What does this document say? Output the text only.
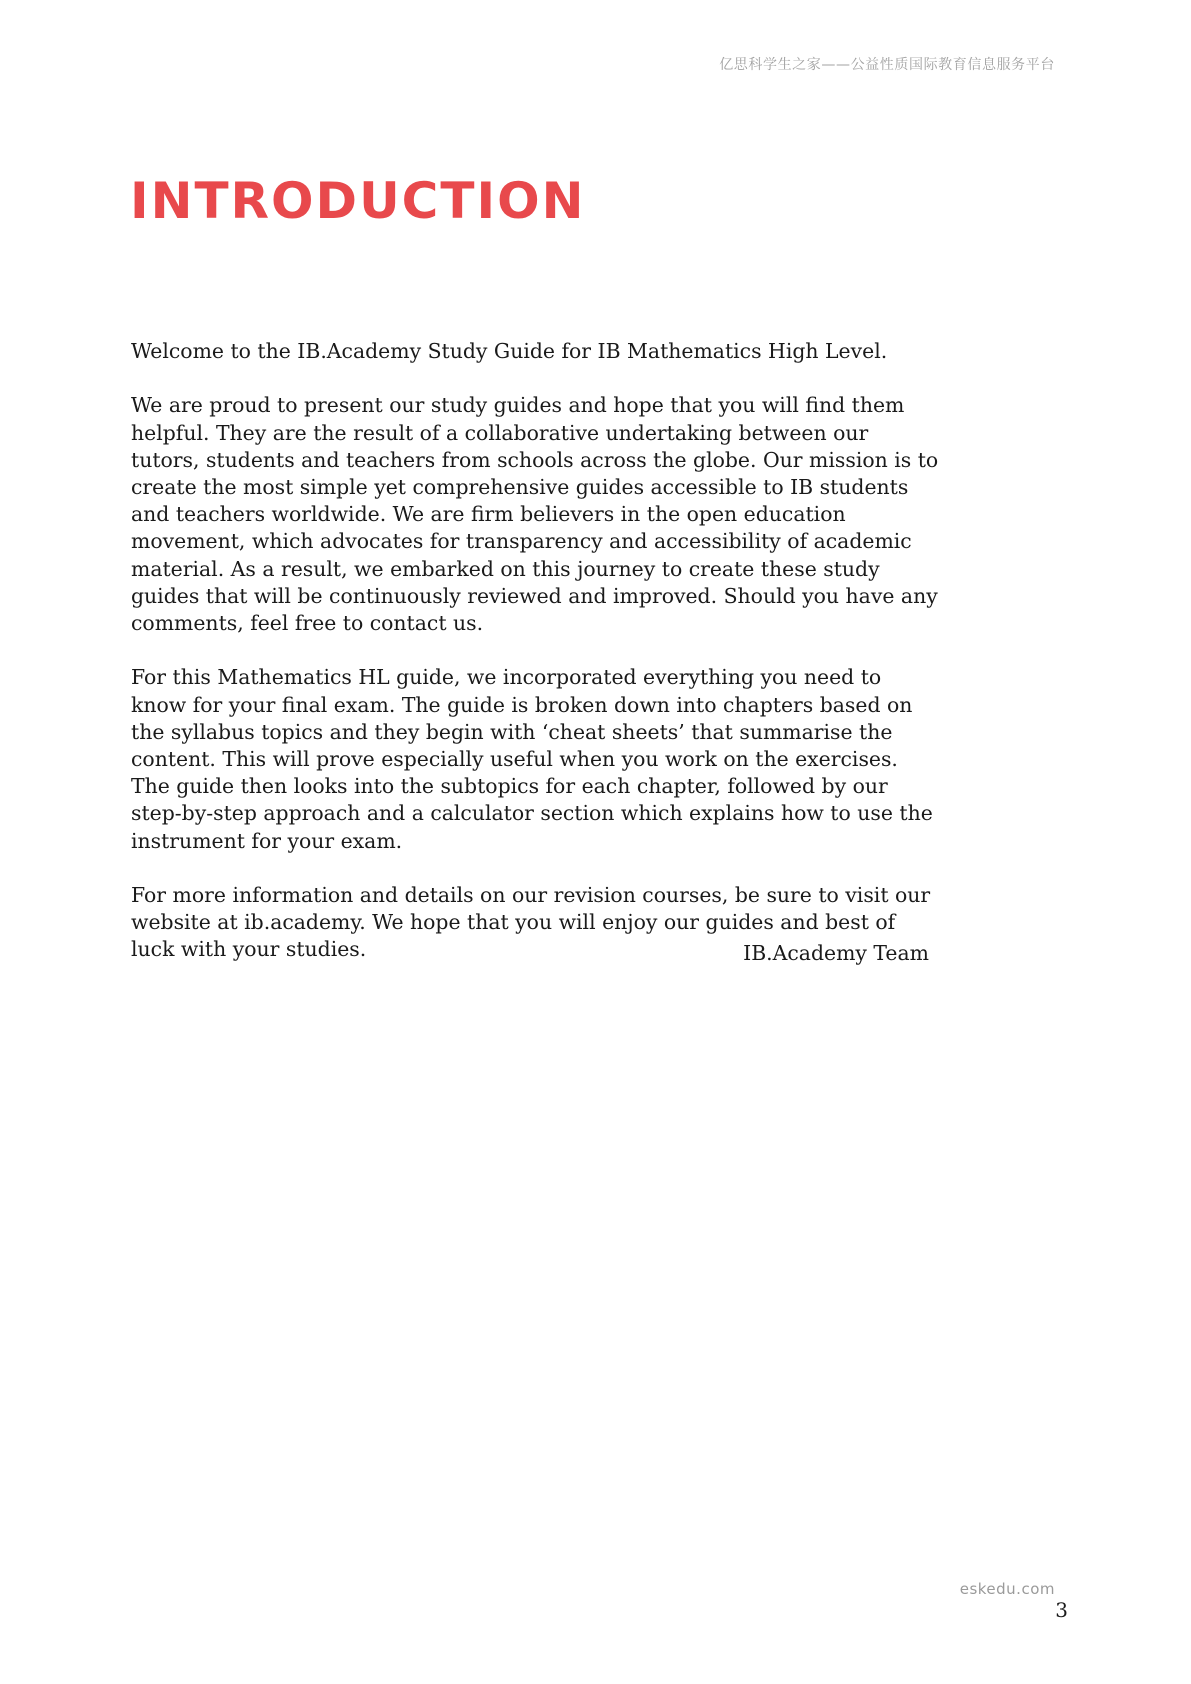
亿思科学生之家——公益性质国际教育信息服务平台
INTRODUCTION

Welcome to the IB.Academy Study Guide for IB Mathematics High Level.

We are proud to present our study guides and hope that you will find them helpful. They are the result of a collaborative undertaking between our tutors, students and teachers from schools across the globe. Our mission is to create the most simple yet comprehensive guides accessible to IB students and teachers worldwide. We are firm believers in the open education movement, which advocates for transparency and accessibility of academic material. As a result, we embarked on this journey to create these study guides that will be continuously reviewed and improved. Should you have any comments, feel free to contact us.

For this Mathematics HL guide, we incorporated everything you need to know for your final exam. The guide is broken down into chapters based on the syllabus topics and they begin with ‘cheat sheets’ that summarise the content. This will prove especially useful when you work on the exercises. The guide then looks into the subtopics for each chapter, followed by our step-by-step approach and a calculator section which explains how to use the instrument for your exam.

For more information and details on our revision courses, be sure to visit our website at ib.academy. We hope that you will enjoy our guides and best of luck with your studies.	IB.Academy Team
eskedu.com
3
